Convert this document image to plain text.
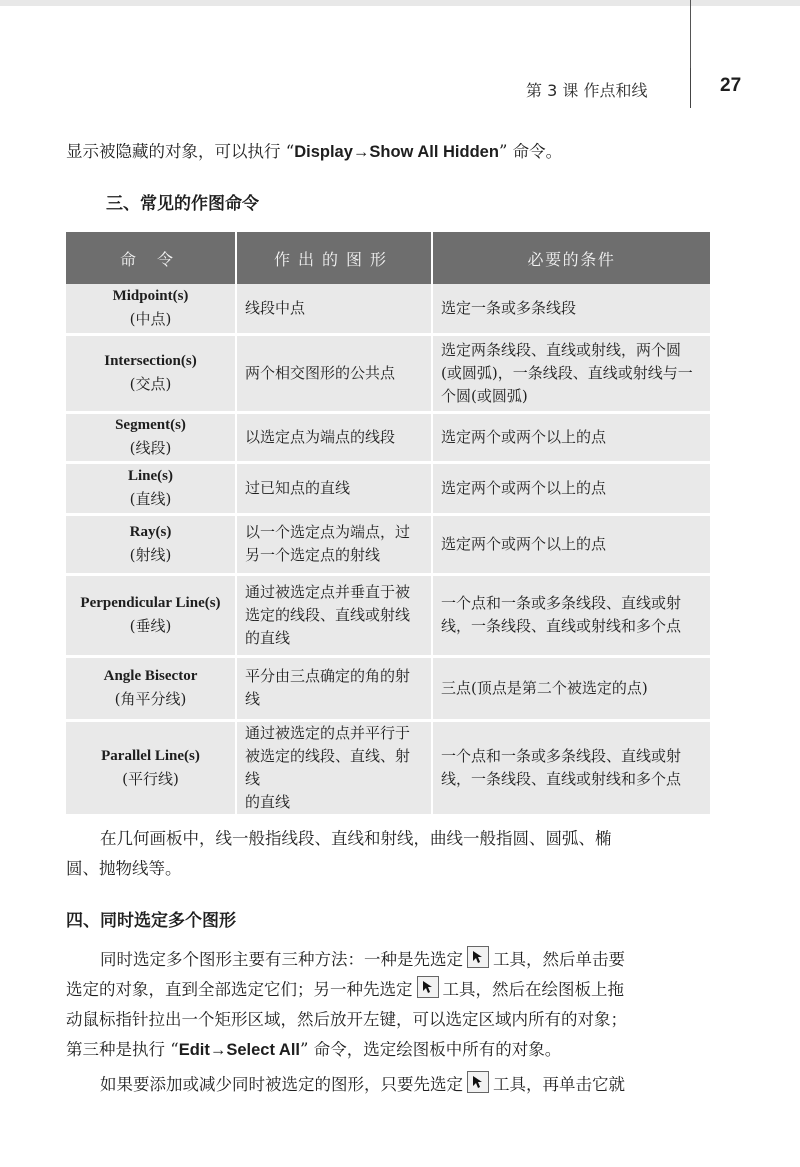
第 3 课 作点和线	27
显示被隐藏的对象，可以执行 “Display→Show All Hidden” 命令。
三、常见的作图命令
命 令	作出的图形	必要的条件

Midpoint(s)
(中点)	线段中点	选定一条或多条线段

Intersection(s)
(交点)	两个相交图形的公共点	选定两条线段、直线或射线，两个圆
(或圆弧)，一条线段、直线或射线与一
个圆(或圆弧)

Segment(s)
(线段)	以选定点为端点的线段	选定两个或两个以上的点

Line(s)
(直线)	过已知点的直线	选定两个或两个以上的点

Ray(s)
(射线)	以一个选定点为端点，过
另一个选定点的射线	选定两个或两个以上的点

Perpendicular Line(s)
(垂线)	通过被选定点并垂直于被
选定的线段、直线或射线
的直线	一个点和一条或多条线段、直线或射
线，一条线段、直线或射线和多个点

Angle Bisector
(角平分线)	平分由三点确定的角的射
线	三点(顶点是第二个被选定的点)

Parallel Line(s)
(平行线)	通过被选定的点并平行于
被选定的线段、直线、射线
的直线	一个点和一条或多条线段、直线或射
线，一条线段、直线或射线和多个点
在几何画板中，线一般指线段、直线和射线，曲线一般指圆、圆弧、椭
圆、抛物线等。
四、同时选定多个图形
同时选定多个图形主要有三种方法：一种是先选定 工具，然后单击要
选定的对象，直到全部选定它们；另一种先选定 工具，然后在绘图板上拖
动鼠标指针拉出一个矩形区域，然后放开左键，可以选定区域内所有的对象；
第三种是执行 “Edit→Select All” 命令，选定绘图板中所有的对象。
如果要添加或减少同时被选定的图形，只要先选定 工具，再单击它就
